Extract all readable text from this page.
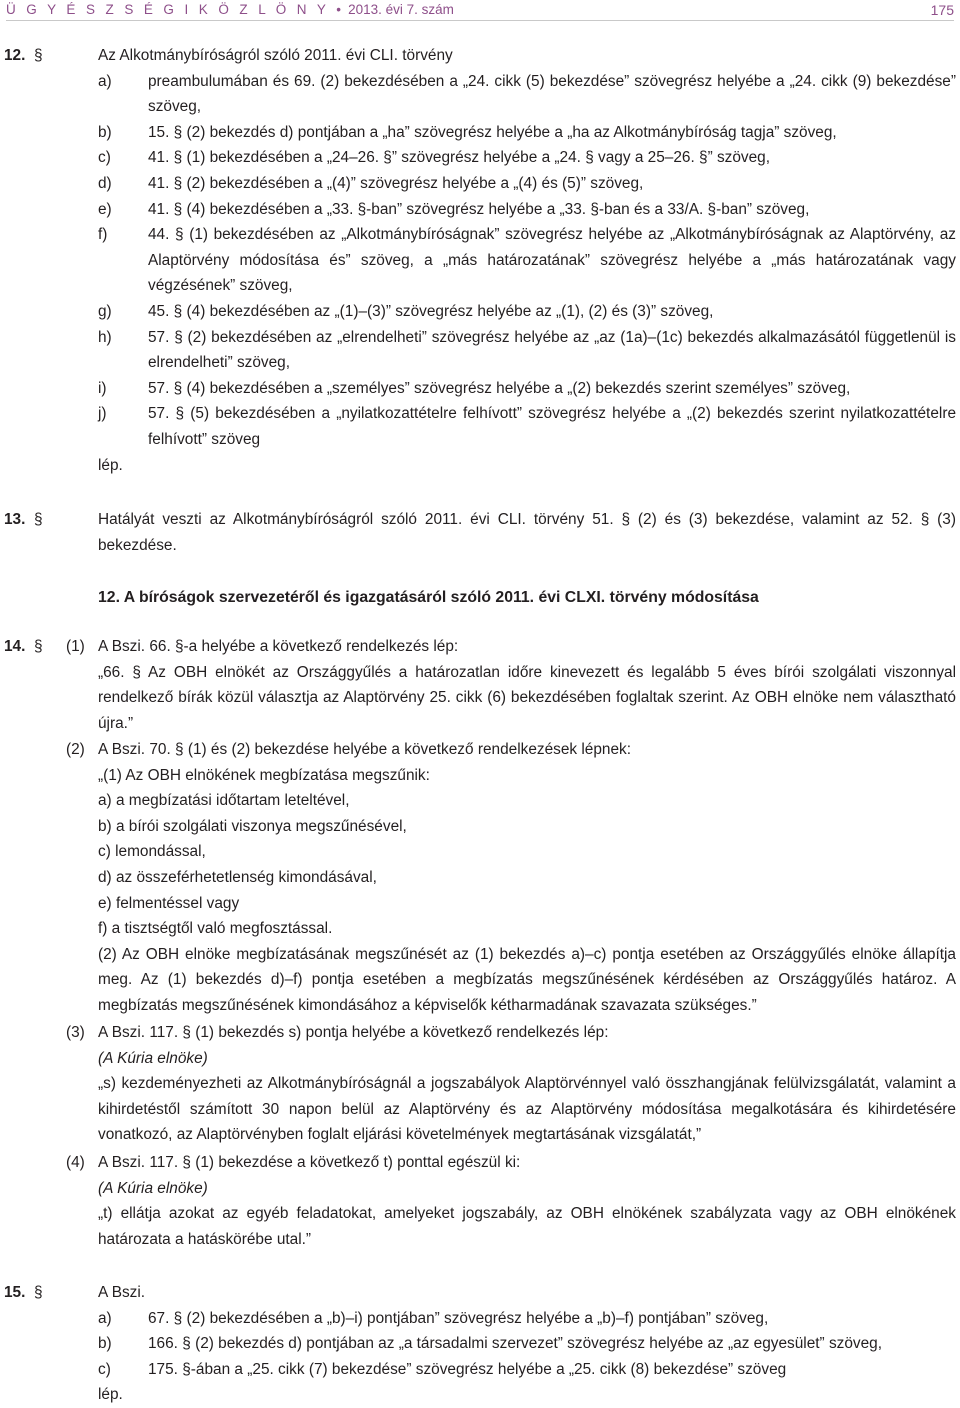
Ü G Y É S Z S É G I K Ö Z L Ö N Y • 2013. évi 7. szám	175
12. §	Az Alkotmánybíróságról szóló 2011. évi CLI. törvény

a) preambulumában és 69. (2) bekezdésében a „24. cikk (5) bekezdése” szövegrész helyébe a „24. cikk (9) bekezdése” szöveg,

b) 15. § (2) bekezdés d) pontjában a „ha” szövegrész helyébe a „ha az Alkotmánybíróság tagja” szöveg,

c) 41. § (1) bekezdésében a „24–26. §” szövegrész helyébe a „24. § vagy a 25–26. §” szöveg,

d) 41. § (2) bekezdésében a „(4)” szövegrész helyébe a „(4) és (5)” szöveg,

e) 41. § (4) bekezdésében a „33. §-ban” szövegrész helyébe a „33. §-ban és a 33/A. §-ban” szöveg,

f)	44. § (1) bekezdésében az „Alkotmánybíróságnak” szövegrész helyébe az „Alkotmánybíróságnak az Alaptörvény, az Alaptörvény módosítása és” szöveg, a „más határozatának” szövegrész helyébe a „más határozatának vagy végzésének” szöveg,

g) 45. § (4) bekezdésében az „(1)–(3)” szövegrész helyébe az „(1), (2) és (3)” szöveg,

h) 57. § (2) bekezdésében az „elrendelheti” szövegrész helyébe az „az (1a)–(1c) bekezdés alkalmazásától függetlenül is elrendelheti” szöveg,

i)	57. § (4) bekezdésében a „személyes” szövegrész helyébe a „(2) bekezdés szerint személyes” szöveg,

j)	57. § (5) bekezdésében a „nyilatkozattételre felhívott” szövegrész helyébe a „(2) bekezdés szerint nyilatkozattételre felhívott” szöveg

lép.

13. §	Hatályát veszti az Alkotmánybíróságról szóló 2011. évi CLI. törvény 51. § (2) és (3) bekezdése, valamint az 52. § (3) bekezdése.
12. A bíróságok szervezetéről és igazgatásáról szóló 2011. évi CLXI. törvény módosítása
14. § (1) A Bszi. 66. §-a helyébe a következő rendelkezés lép:

„66. § Az OBH elnökét az Országgyűlés a határozatlan időre kinevezett és legalább 5 éves bírói szolgálati viszonnyal rendelkező bírák közül választja az Alaptörvény 25. cikk (6) bekezdésében foglaltak szerint. Az OBH elnöke nem választható újra.”

(2) A Bszi. 70. § (1) és (2) bekezdése helyébe a következő rendelkezések lépnek:

„(1) Az OBH elnökének megbízatása megszűnik:

a) a megbízatási időtartam leteltével,

b) a bírói szolgálati viszonya megszűnésével,

c) lemondással,

d) az összeférhetetlenség kimondásával,

e) felmentéssel vagy

f) a tisztségtől való megfosztással.

(2) Az OBH elnöke megbízatásának megszűnését az (1) bekezdés a)–c) pontja esetében az Országgyűlés elnöke állapítja meg. Az (1) bekezdés d)–f) pontja esetében a megbízatás megszűnésének kérdésében az Országgyűlés határoz. A megbízatás megszűnésének kimondásához a képviselők kétharmadának szavazata szükséges.”

(3) A Bszi. 117. § (1) bekezdés s) pontja helyébe a következő rendelkezés lép:

(A Kúria elnöke)

„s) kezdeményezheti az Alkotmánybíróságnál a jogszabályok Alaptörvénnyel való összhangjának felülvizsgálatát, valamint a kihirdetéstől számított 30 napon belül az Alaptörvény és az Alaptörvény módosítása megalkotására és kihirdetésére vonatkozó, az Alaptörvényben foglalt eljárási követelmények megtartásának vizsgálatát,”

(4) A Bszi. 117. § (1) bekezdése a következő t) ponttal egészül ki:

(A Kúria elnöke)

„t) ellátja azokat az egyéb feladatokat, amelyeket jogszabály, az OBH elnökének szabályzata vagy az OBH elnökének határozata a hatáskörébe utal.”

15. §	A Bszi.

a) 67. § (2) bekezdésében a „b)–i) pontjában” szövegrész helyébe a „b)–f) pontjában” szöveg,

b) 166. § (2) bekezdés d) pontjában az „a társadalmi szervezet” szövegrész helyébe az „az egyesület” szöveg,

c) 175. §-ában a „25. cikk (7) bekezdése” szövegrész helyébe a „25. cikk (8) bekezdése” szöveg

lép.
